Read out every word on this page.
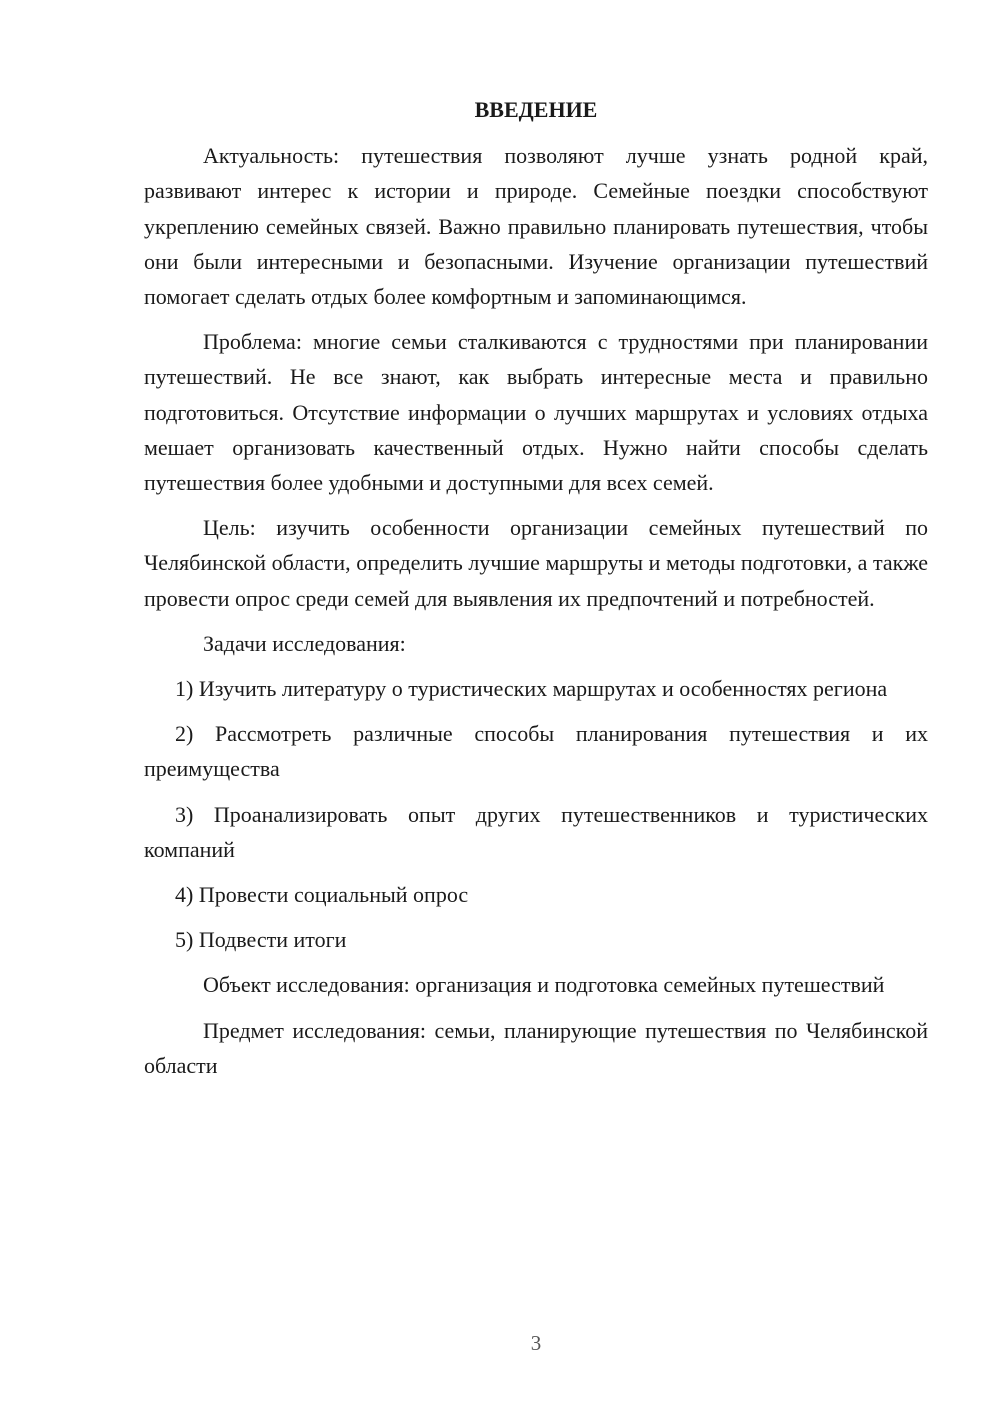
ВВЕДЕНИЕ

Актуальность: путешествия позволяют лучше узнать родной край, развивают интерес к истории и природе. Семейные поездки способствуют укреплению семейных связей. Важно правильно планировать путешествия, чтобы они были интересными и безопасными. Изучение организации путешествий помогает сделать отдых более комфортным и запоминающимся.

Проблема: многие семьи сталкиваются с трудностями при планировании путешествий. Не все знают, как выбрать интересные места и правильно подготовиться. Отсутствие информации о лучших маршрутах и условиях отдыха мешает организовать качественный отдых. Нужно найти способы сделать путешествия более удобными и доступными для всех семей.

Цель: изучить особенности организации семейных путешествий по Челябинской области, определить лучшие маршруты и методы подготовки, а также провести опрос среди семей для выявления их предпочтений и потребностей.

Задачи исследования:

1) Изучить литературу о туристических маршрутах и особенностях региона

2) Рассмотреть различные способы планирования путешествия и их преимущества

3) Проанализировать опыт других путешественников и туристических компаний

4) Провести социальный опрос

5) Подвести итоги

Объект исследования: организация и подготовка семейных путешествий

Предмет исследования: семьи, планирующие путешествия по Челябинской области

3
